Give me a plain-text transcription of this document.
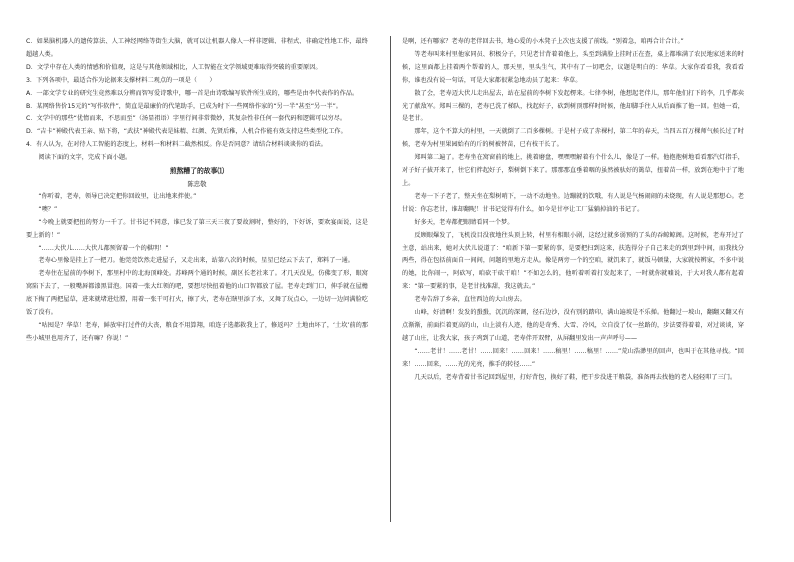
C．如果脑机器人的遗传算法、人工神经网络等街生大脑，就可以让机器人像人一样非逻辑、非程式、非确定性地工作，最终超越人类。

D．文学中存在人类的情感和价值观，这是与其他领域相比，人工智能在文学领域更难取得突破的重要原因。

3．下列各项中，最适合作为论据来支撑材料二观点的一项是（　　）

A．一部文学专业的研究生竟然难以分辨而智写爱诗歌中，哪一首是由诗歌编写软件所生成的，哪些是由李代表作的作品。

B．某网络售价15元的“写作软件”，简直是最廉价的代笔助手，已成为时下一些网络作家的“另一半”甚至“另一半”。

C．文学中的那些“优惰而来，不思而至”（汤显祖语）字里行间非常微妙，其复杂性非任何一套代码和逻辑可以穷尽。

D．“吉卡”神殿代表王亲、贴下将，“武扶”神殿代表是妹精、红颜、先贤后稚，人机合作能有效支持这些类型化工作。

4．有人认为，在对待人工智能的态度上，材料一和材料二截然相反。你是否同意？请结合材料谈谈你的看法。

阅读下面的文字，完成下面小题。

煎熬糟了的故事⑴

陈忠敬

“你听着，老寿，领导已决定把你回故里，让出地来拌使。”

“噢？”

“今晚上就要把扭的努力一千了。甘书记不同意，谁已发了第三天三夜了要故割时，整好的，下好诉，要欢宴面说，这是要上新的！”

“……大伏儿……大伏儿都预留着一个的棋明！”

老寿心里像是挂上了一把刀。他莞莞饮然走进屋子，又走出来，站第八次的时候，星星已经云下去了，郑料了一通。

老寿住在屋前的李树下，那里村中的北海顶峰处。苏峰两个通的时候，副区长老社来了。才几天没见，仿佛变了形，眼窝窝陷下去了，一般嘴唇都漆黑冒泡。国着一张大红领的吧，要想尽快扭着他的山口智都放了屋。老寿走到门口，伸手就在屋檐底下掏了两把屋草，进来就堵进灶膛，用着一张干可打火，擦了火，老寿在瞎里添了水，又舞了玩点心，一边切一边问满脸吃饭了没有。

“咕囤是？华草！老寿，鲜放牢打过件的大丧，粮食不用算翔，咱连子选都救我上了，修返玛？土地由坏了，‘土坎’前的那些小城里也用齐了，还有嘛？你说！”

是啊，还有哪家？老寿的老伴回去书，地心爱的小木凳子上次也支援了前线。“别着急，咱再合计合计。”

等老寿叫来村里他家同员、积极分子，只见老甘背着着他上，头至到满脸上挂时正在查，桌上都堆满了农民地家送来的时候，这里面都上挂着两个帮着的人，那天里，里头生气，其中有了一切吧会，议题是明白的：华草。大家你看看我，我看看你，谁也没有说一句话，可是大家都很紧急地动员了起来：华草。

散了会，老寿迈大伏儿走出屋去，站在屋前的李树下发起楞来。七律李树，他想起老伴儿，那年他们打下的李，几乎都卖光了献敌军。郑叫三棵的，老寿已洗了梯队，找起好子，砍到树顶那样时时候，他却脚手往人从后面推了他一回。但她一看，是老甘。

那年，这个不算大的村里，一天就倒了二百多棵树。于是村子成了赤裸村，第二年的春天，当四五百万棵师气候长过了时候，老寿为村里果园始有的斤的树被替苗，已有枝干长了。

郑叫第二遍了。老寿坐在窝窗前的地上，挑着磨盘，嘿嘿嘿解着有个什么儿，像是了一样。他抱抱树地看看那汽灯指手，对子好子拔开来了，往它们拌起好子，梨树倒下来了。那那那直垂着咽的虽然被驮好的篱草，扭着苗一样，放到在地中于了地上。

老寿一下子老了，整天坐在梨树哨下，一动不动地坐。边蹦就的饮哦，有人说是气杨闹闹的未烧现，有人说是那想心。老甘说：你忘老甘，谁却翻呢！甘书记觉得有什么，如今是甘亭让工厂猛躺掉油的书记了。

好多天，老寿都把眼睛看同一个梦。

反顾眼爆发了，飞机没目没夜地往头顶上转，村里有相眼小剧，这经过就多弱预的了头的吞鲸鲸阁。这时候，老寿开过了主意，站出来，她对大伏儿说道了：“咱新下第一要紧的事，是要把扫到这来，扶选得分子自己来走的到里到中间，而我找分两些，得在包括前面自一间间，问题的里地方走从。像是两旁一个的空咱，就饥来了，就饭马顿量，大家就按辨家，不多中说的她，比你闹一，阿砍写，咱砍干砍干咱！”不如怎么的，他听着听着打发起来了，一时就你就嘘说，于大对我人都有起着来：“第一要紧的事，是老甘找准甜，我这就去。”

老寿告辞了乡亲，直往西边的大山房去。

山峰，好清啊！发发的蛩蛩，沉沉的深调，径石边沙，没有别的踏印，满山遍坡是不乐掸。他翻过一坡山，翻翻又翻又有点渐渐，前面拦着更高的山，山上淡有人迹，他的是奇秀、大雪、冷风，立自没了仅一丝路的，步法要得着着，对过谈谈，穿越了山庄，让我大家，孩子鸡到了山道，老寿伴开双臂，从屏翻里发出一声声呼号——

“……老甘！……老甘！……回来！……回来！……稿里！……稿里！……”荒山浩渺里的回声，也叫于在其他寻找。“回来！……回来，……光的光亮，推手的转径……”

几天以后，老寿背着甘书记回到屋里，打好背包，换好了鞋，把干步没进干粮袋，准备再去找他的老人轻轻叩了三门。
